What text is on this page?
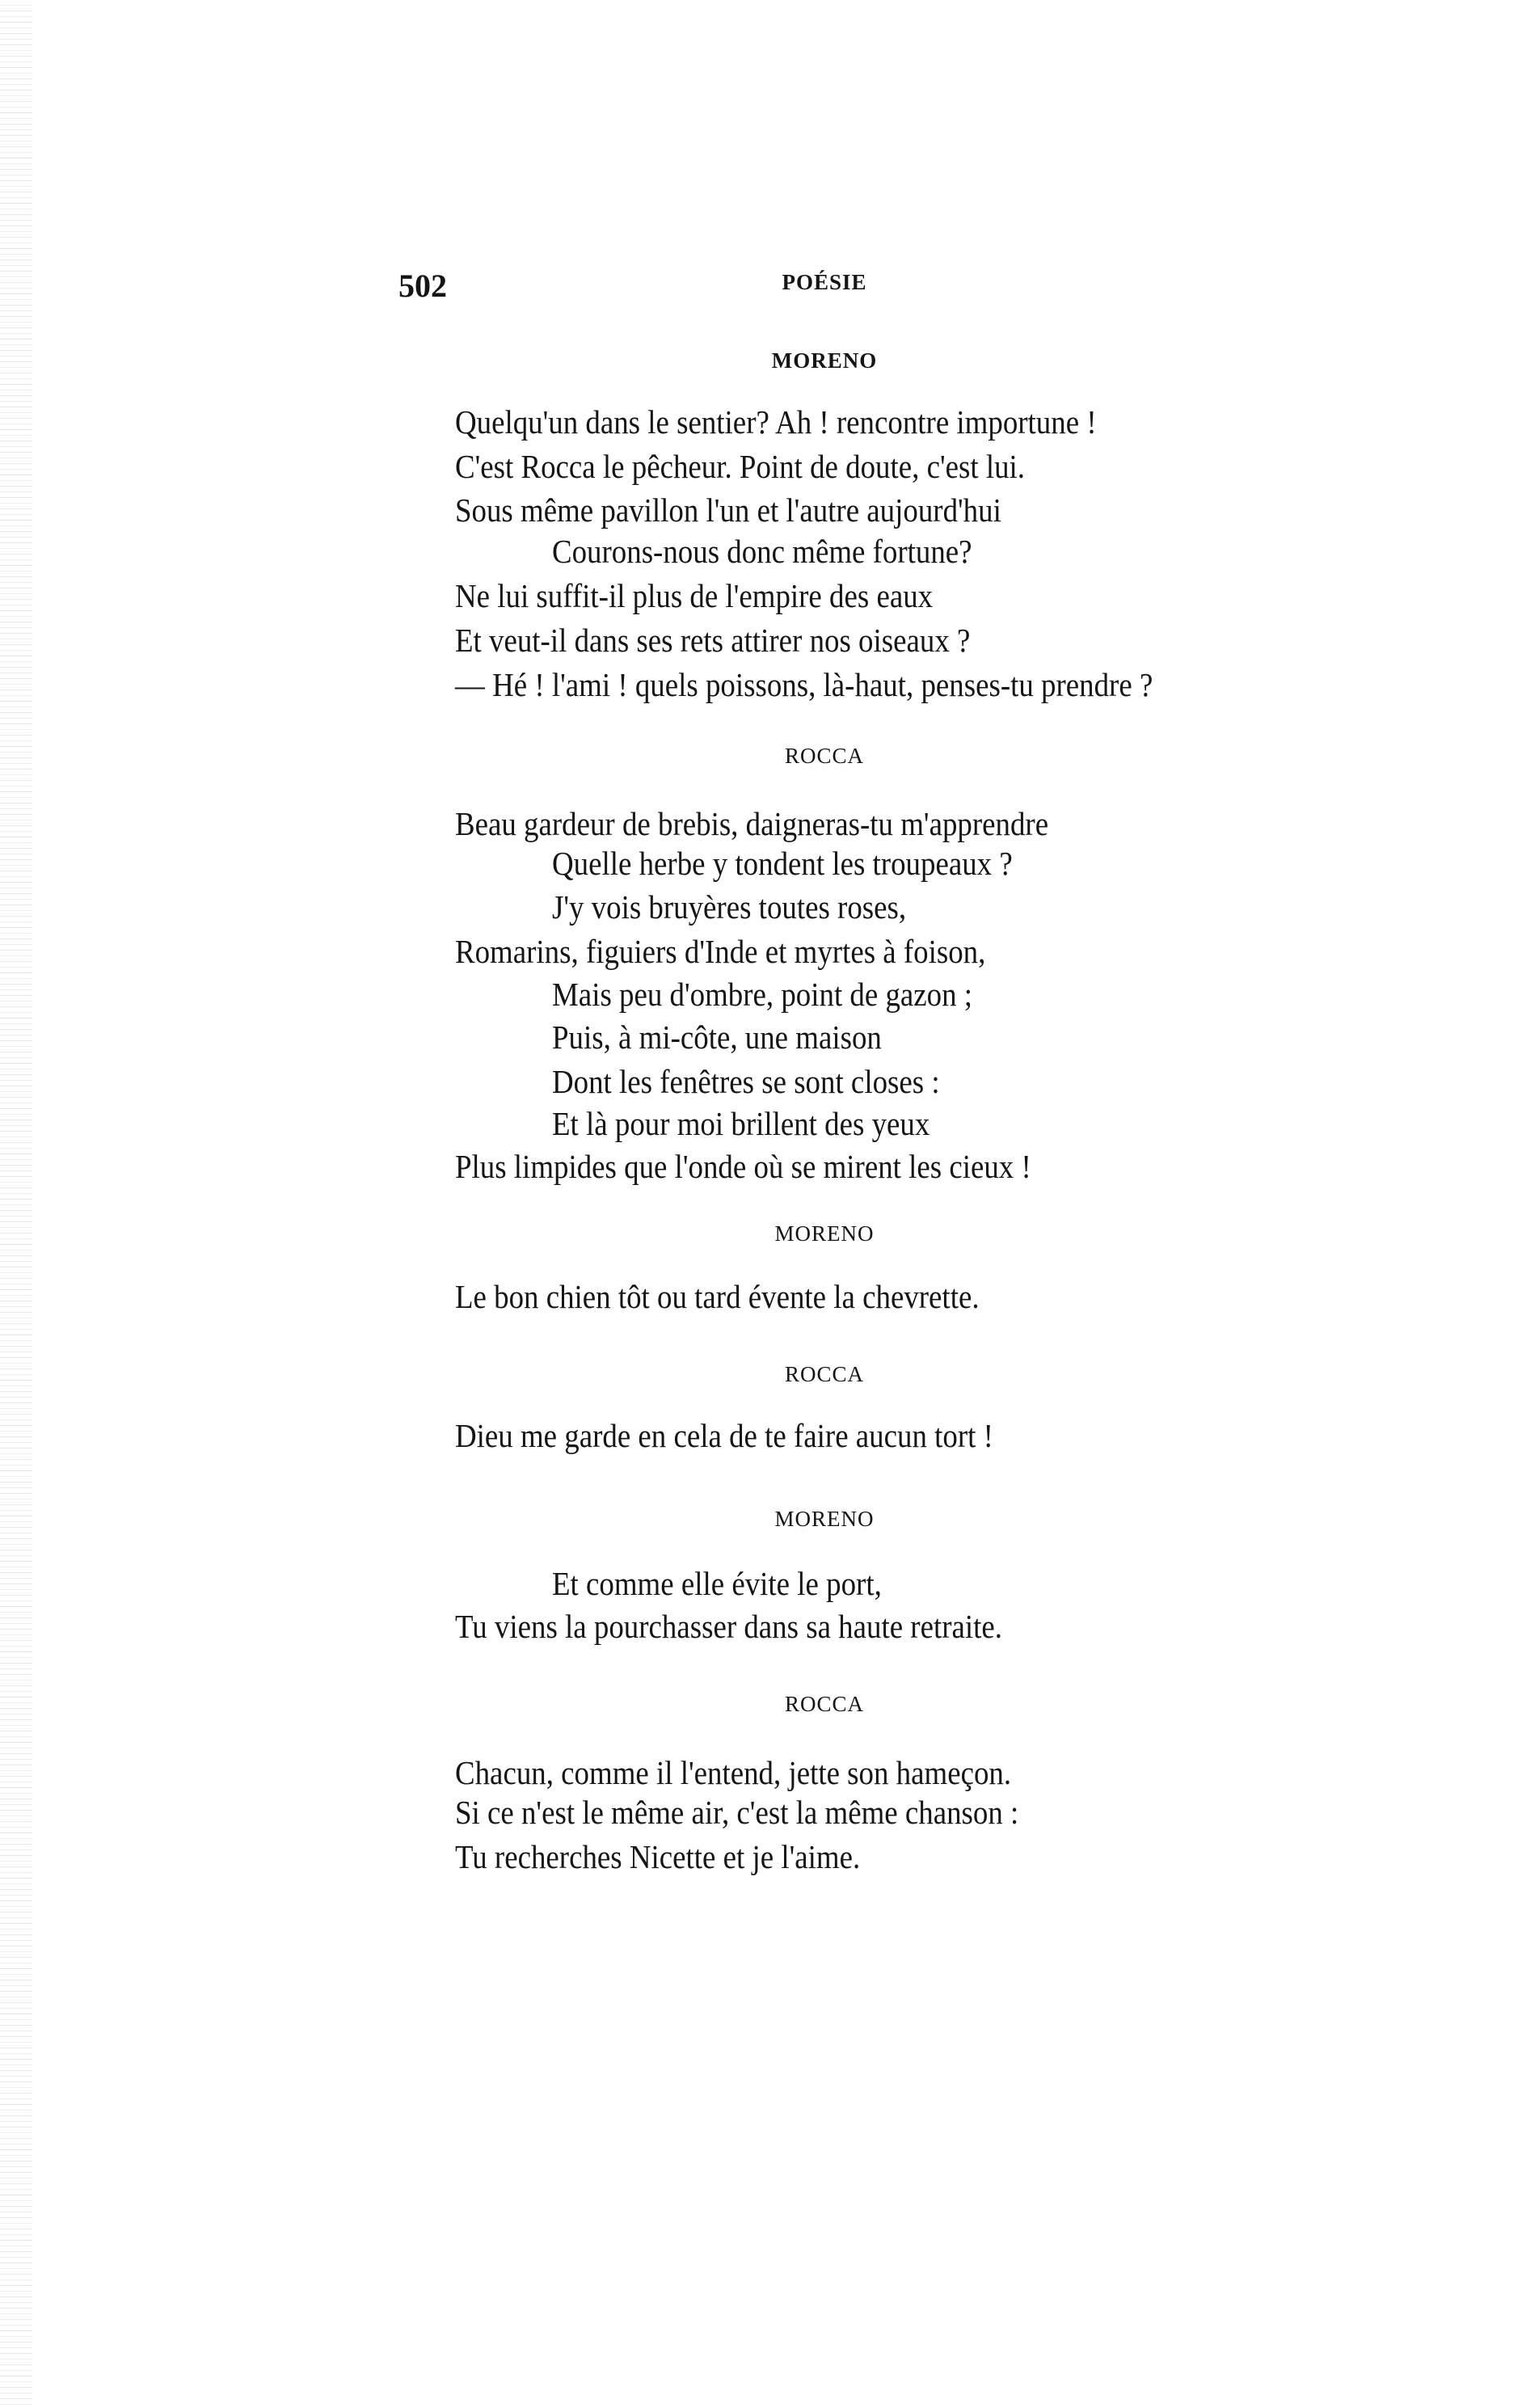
502	POÉSIE
MORENO
Quelqu'un dans le sentier? Ah ! rencontre importune !
C'est Rocca le pêcheur. Point de doute, c'est lui.
Sous même pavillon l'un et l'autre aujourd'hui
Courons-nous donc même fortune?
Ne lui suffit-il plus de l'empire des eaux
Et veut-il dans ses rets attirer nos oiseaux ?
— Hé ! l'ami ! quels poissons, là-haut, penses-tu prendre ?
ROCCA
Beau gardeur de brebis, daigneras-tu m'apprendre
Quelle herbe y tondent les troupeaux ?
J'y vois bruyères toutes roses,
Romarins, figuiers d'Inde et myrtes à foison,
Mais peu d'ombre, point de gazon ;
Puis, à mi-côte, une maison
Dont les fenêtres se sont closes :
Et là pour moi brillent des yeux
Plus limpides que l'onde où se mirent les cieux !
MORENO
Le bon chien tôt ou tard évente la chevrette.
ROCCA
Dieu me garde en cela de te faire aucun tort !
MORENO
Et comme elle évite le port,
Tu viens la pourchasser dans sa haute retraite.
ROCCA
Chacun, comme il l'entend, jette son hameçon.
Si ce n'est le même air, c'est la même chanson :
Tu recherches Nicette et je l'aime.
